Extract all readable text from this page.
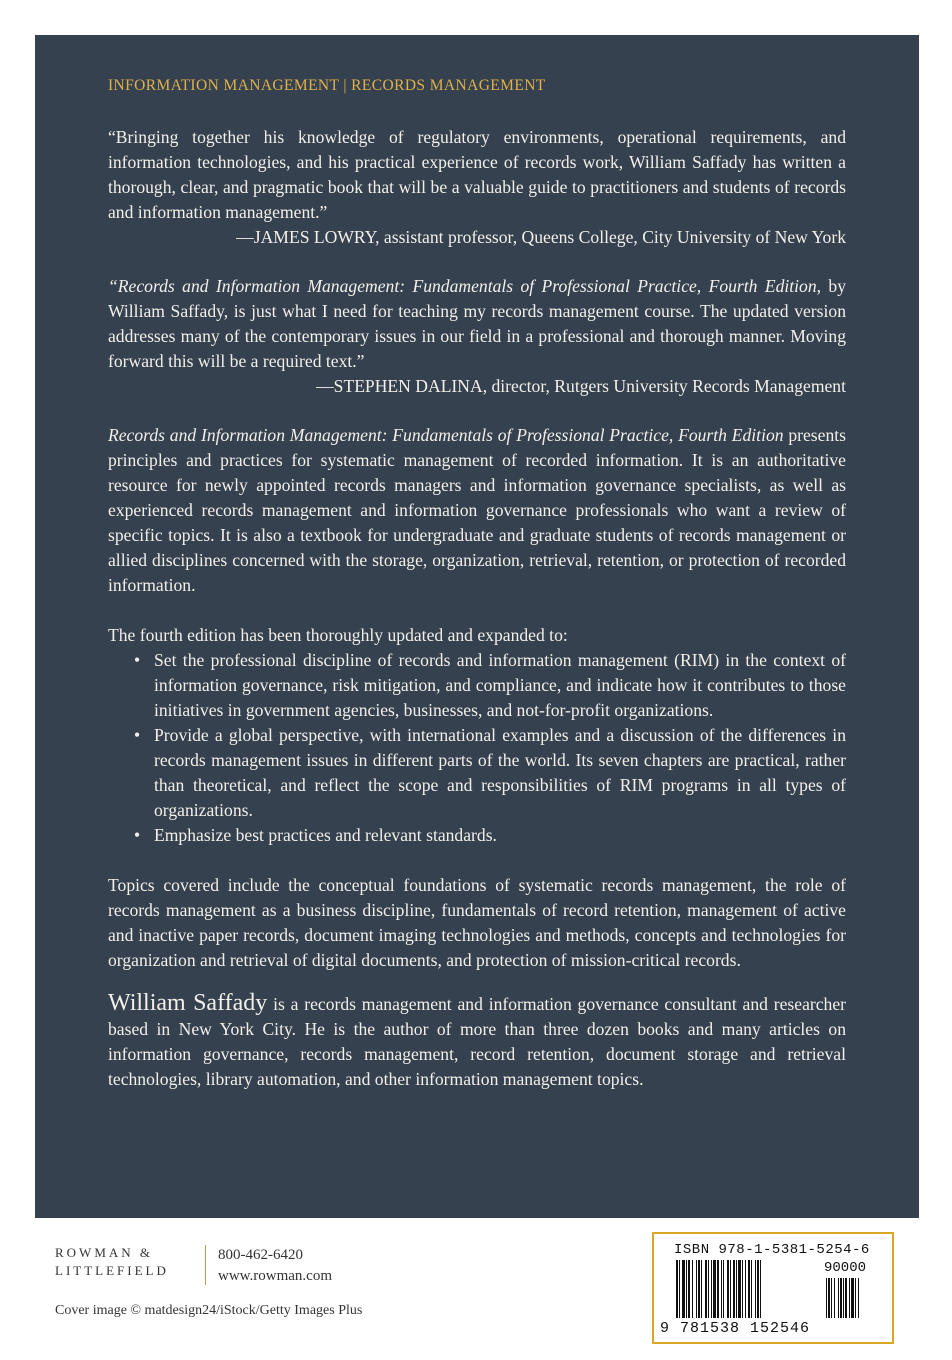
INFORMATION MANAGEMENT | RECORDS MANAGEMENT

“Bringing together his knowledge of regulatory environments, operational requirements, and information technologies, and his practical experience of records work, William Saffady has written a thorough, clear, and pragmatic book that will be a valuable guide to practitioners and students of records and information management.”

—JAMES LOWRY, assistant professor, Queens College, City University of New York

“Records and Information Management: Fundamentals of Professional Practice, Fourth Edition, by William Saffady, is just what I need for teaching my records management course. The updated version addresses many of the contemporary issues in our field in a professional and thorough manner. Moving forward this will be a required text.”

—STEPHEN DALINA, director, Rutgers University Records Management

Records and Information Management: Fundamentals of Professional Practice, Fourth Edition presents principles and practices for systematic management of recorded information. It is an authoritative resource for newly appointed records managers and information governance specialists, as well as experienced records management and information governance professionals who want a review of specific topics. It is also a textbook for undergraduate and graduate students of records management or allied disciplines concerned with the storage, organization, retrieval, retention, or protection of recorded information.

The fourth edition has been thoroughly updated and expanded to:

• Set the professional discipline of records and information management (RIM) in the context of information governance, risk mitigation, and compliance, and indicate how it contributes to those initiatives in government agencies, businesses, and not-for-profit organizations.
• Provide a global perspective, with international examples and a discussion of the differences in records management issues in different parts of the world. Its seven chapters are practical, rather than theoretical, and reflect the scope and responsibilities of RIM programs in all types of organizations.
• Emphasize best practices and relevant standards.

Topics covered include the conceptual foundations of systematic records management, the role of records management as a business discipline, fundamentals of record retention, management of active and inactive paper records, document imaging technologies and methods, concepts and technologies for organization and retrieval of digital documents, and protection of mission-critical records.

William Saffady is a records management and information governance consultant and researcher based in New York City. He is the author of more than three dozen books and many articles on information governance, records management, record retention, document storage and retrieval technologies, library automation, and other information management topics.

ROWMAN &
LITTLEFIELD
800-462-6420
www.rowman.com
Cover image © matdesign24/iStock/Getty Images Plus
ISBN 978-1-5381-5254-6
90000
9 781538 152546
